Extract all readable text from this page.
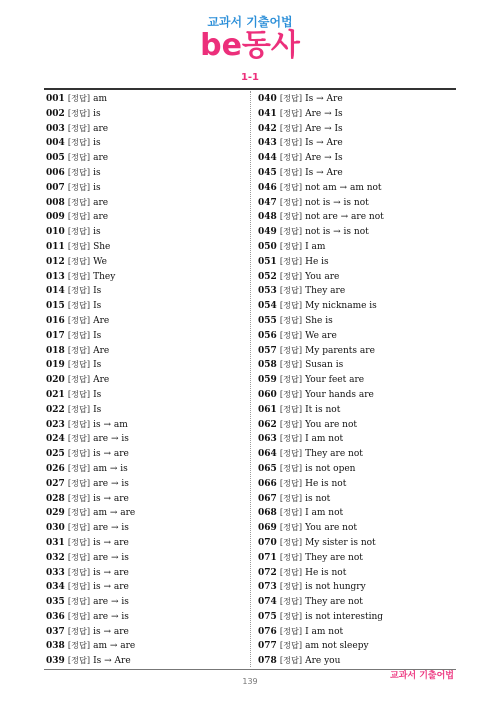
교과서 기출어법
be동사
1-1
001 [정답] am
002 [정답] is
003 [정답] are
004 [정답] is
005 [정답] are
006 [정답] is
007 [정답] is
008 [정답] are
009 [정답] are
010 [정답] is
011 [정답] She
012 [정답] We
013 [정답] They
014 [정답] Is
015 [정답] Is
016 [정답] Are
017 [정답] Is
018 [정답] Are
019 [정답] Is
020 [정답] Are
021 [정답] Is
022 [정답] Is
023 [정답] is → am
024 [정답] are → is
025 [정답] is → are
026 [정답] am → is
027 [정답] are → is
028 [정답] is → are
029 [정답] am → are
030 [정답] are → is
031 [정답] is → are
032 [정답] are → is
033 [정답] is → are
034 [정답] is → are
035 [정답] are → is
036 [정답] are → is
037 [정답] is → are
038 [정답] am → are
039 [정답] Is → Are
040 [정답] Is → Are
041 [정답] Are → Is
042 [정답] Are → Is
043 [정답] Is → Are
044 [정답] Are → Is
045 [정답] Is → Are
046 [정답] not am → am not
047 [정답] not is → is not
048 [정답] not are → are not
049 [정답] not is → is not
050 [정답] I am
051 [정답] He is
052 [정답] You are
053 [정답] They are
054 [정답] My nickname is
055 [정답] She is
056 [정답] We are
057 [정답] My parents are
058 [정답] Susan is
059 [정답] Your feet are
060 [정답] Your hands are
061 [정답] It is not
062 [정답] You are not
063 [정답] I am not
064 [정답] They are not
065 [정답] is not open
066 [정답] He is not
067 [정답] is not
068 [정답] I am not
069 [정답] You are not
070 [정답] My sister is not
071 [정답] They are not
072 [정답] He is not
073 [정답] is not hungry
074 [정답] They are not
075 [정답] is not interesting
076 [정답] I am not
077 [정답] am not sleepy
078 [정답] Are you
139
교과서 기출어법
